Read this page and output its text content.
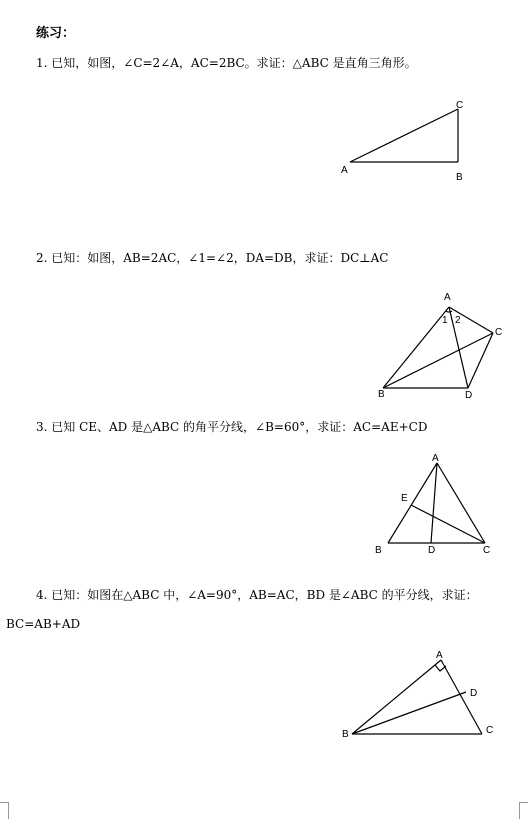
练习：
1. 已知，如图，∠C=2∠A，AC=2BC。求证：△ABC 是直角三角形。
2. 已知：如图，AB=2AC，∠1=∠2，DA=DB，求证：DC⊥AC
3. 已知 CE、AD 是△ABC 的角平分线，∠B=60°，求证：AC=AE+CD
4. 已知：如图在△ABC 中，∠A=90°，AB=AC，BD 是∠ABC 的平分线，求证：
BC=AB+AD
A
B
C
A
B
C
D
1 2
A
B	C
D
E
A
B	C
D
